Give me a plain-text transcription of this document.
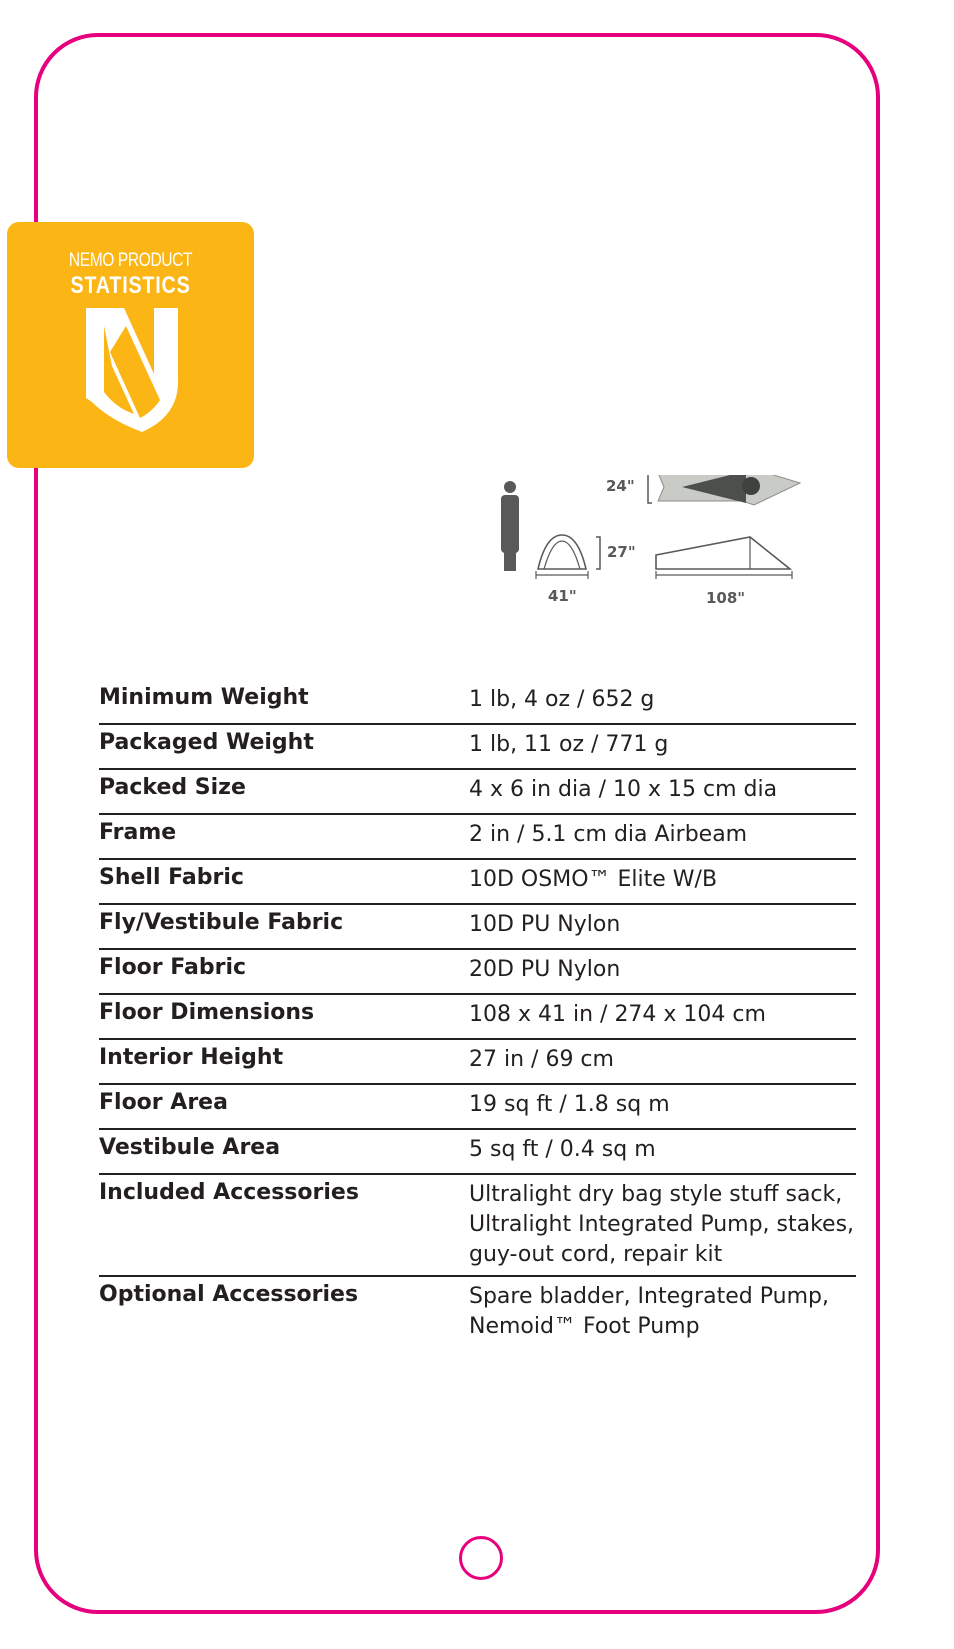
NEMO PRODUCT
STATISTICS
24"
27"
41"	108"
Minimum Weight	1 lb, 4 oz / 652 g
Packaged Weight	1 lb, 11 oz / 771 g
Packed Size	4 x 6 in dia / 10 x 15 cm dia
Frame	2 in / 5.1 cm dia Airbeam
Shell Fabric	10D OSMO™ Elite W/B
Fly/Vestibule Fabric	10D PU Nylon
Floor Fabric	20D PU Nylon
Floor Dimensions	108 x 41 in / 274 x 104 cm
Interior Height	27 in / 69 cm
Floor Area	19 sq ft / 1.8 sq m
Vestibule Area	5 sq ft / 0.4 sq m
Included Accessories	Ultralight dry bag style stuff sack,
Ultralight Integrated Pump, stakes,
guy-out cord, repair kit
Optional Accessories	Spare bladder, Integrated Pump,
Nemoid™ Foot Pump
